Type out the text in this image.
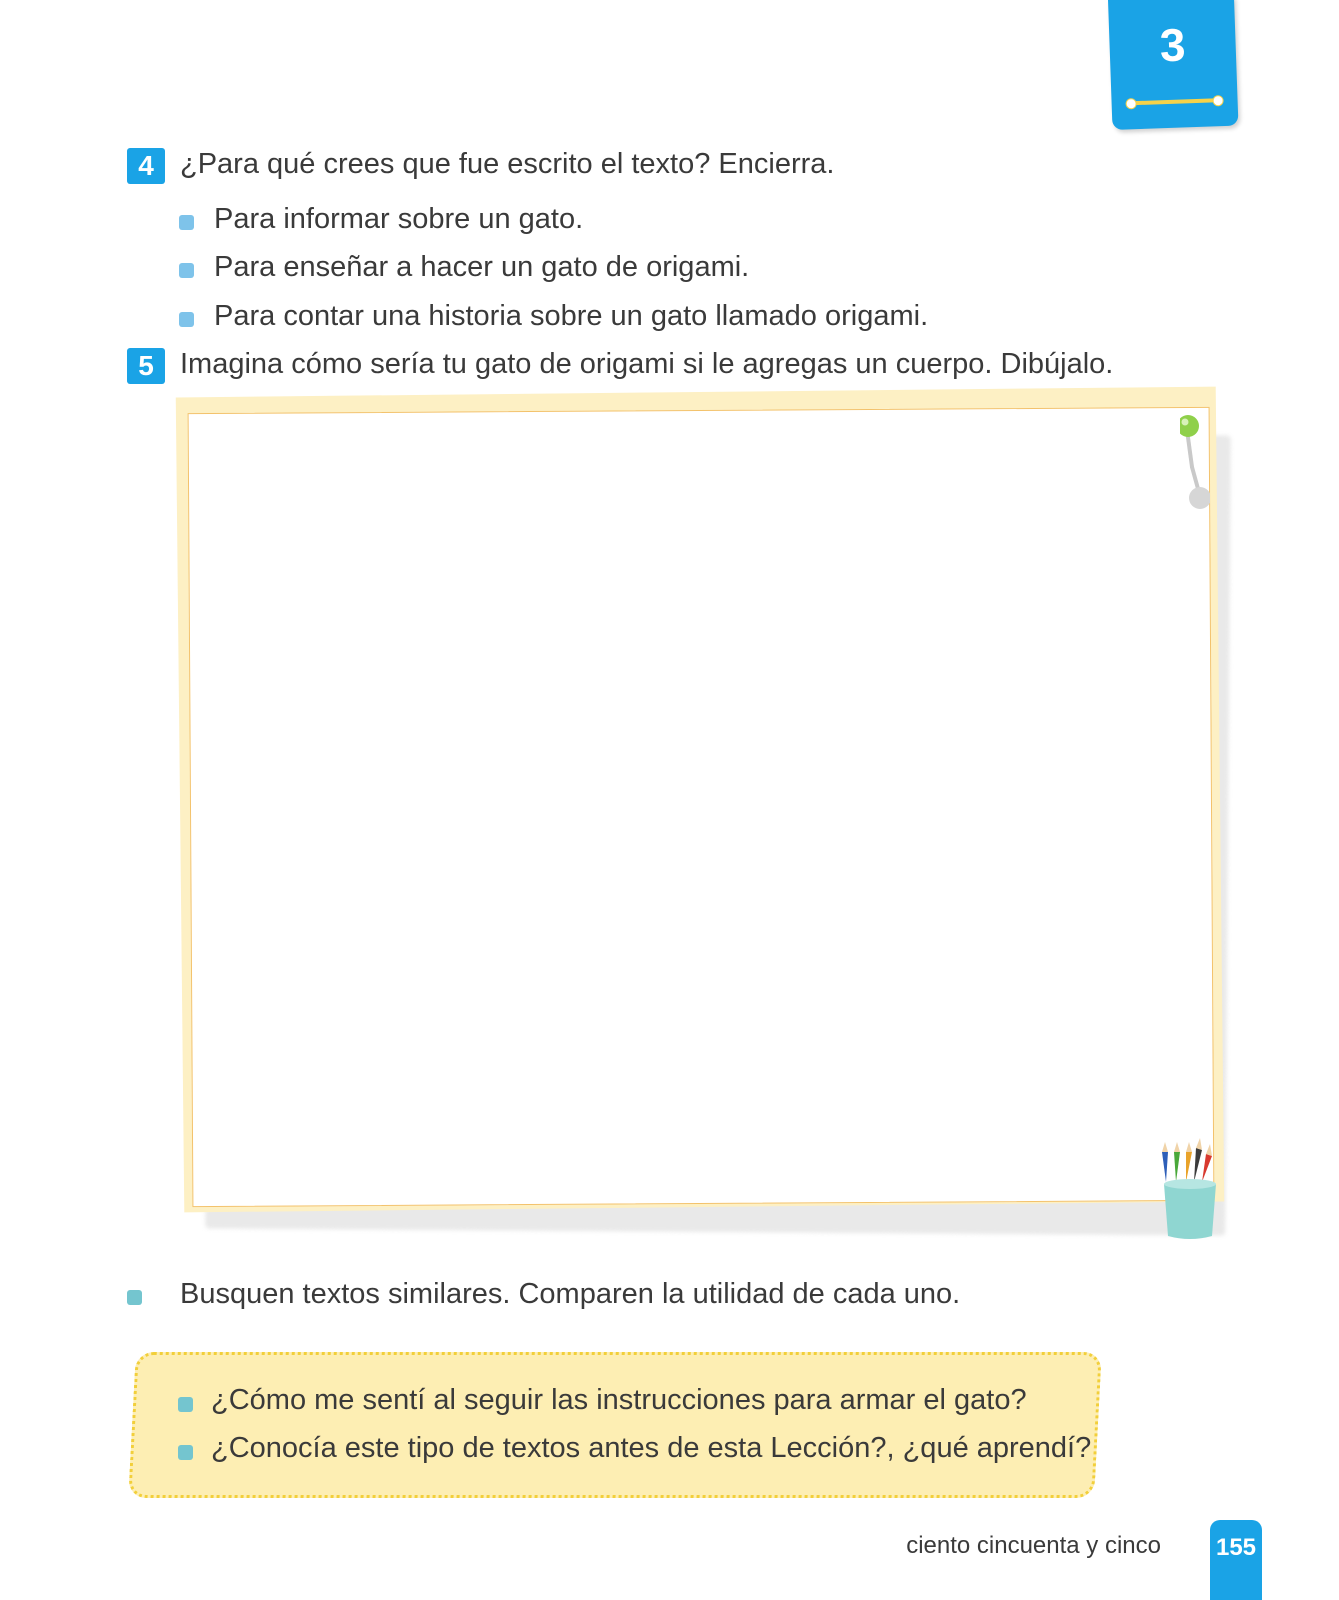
3
4 ¿Para qué crees que fue escrito el texto? Encierra.
Para informar sobre un gato.
Para enseñar a hacer un gato de origami.
Para contar una historia sobre un gato llamado origami.
5 Imagina cómo sería tu gato de origami si le agregas un cuerpo. Dibújalo.
Busquen textos similares. Comparen la utilidad de cada uno.
¿Cómo me sentí al seguir las instrucciones para armar el gato?
¿Conocía este tipo de textos antes de esta Lección?, ¿qué aprendí?
ciento cincuenta y cinco 155
